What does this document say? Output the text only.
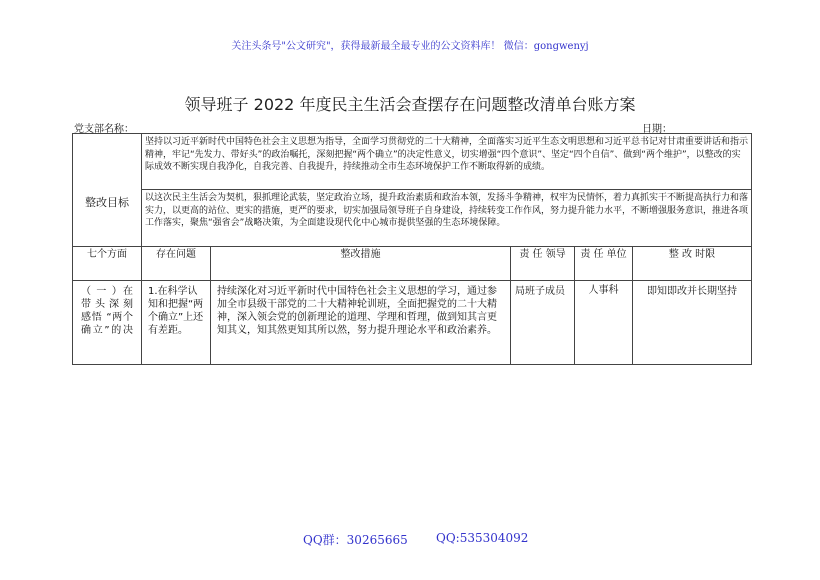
关注头条号"公文研究"，获得最新最全最专业的公文资料库！ 微信：gongwenyj
领导班子 2022 年度民主生活会查摆存在问题整改清单台账方案
党支部名称：	日期：
整改目标	坚持以习近平新时代中国特色社会主义思想为指导，全面学习贯彻党的二十大精神，全面落实习近平生态文明思想和习近平总书记对甘肃重要讲话和指示精神，牢记“先发力、带好头”的政治嘱托，深刻把握“两个确立”的决定性意义，切实增强“四个意识”、坚定“四个自信”、做到“两个维护”，以整改的实际成效不断实现自我净化，自我完善、自我提升，持续推动全市生态环境保护工作不断取得新的成绩。				
	以这次民主生活会为契机，狠抓理论武装，坚定政治立场，提升政治素质和政治本领，发扬斗争精神，权牢为民情怀，着力真抓实干不断提高执行力和落实力，以更高的站位、更实的措施，更严的要求，切实加强局领导班子自身建设，持续转变工作作风，努力提升能力水平，不断增强服务意识，推进各项工作落实，聚焦“强省会”战略决策，为全面建设现代化中心城市提供坚强的生态环境保障。				
七个方面	存在问题	整改措施	责 任 领导	责 任 单位	整 改 时限
（ 一 ）在带头深刻 感悟 “两个确立”的决	1.在科学认知和把握“两个确立”上还有差距。	持续深化对习近平新时代中国特色社会主义思想的学习，通过参加全市县级干部党的二十大精神轮训班，全面把握党的二十大精神，深入领会党的创新理论的道理、学理和哲理，做到知其言更知其义，知其然更知其所以然，努力提升理论水平和政治素养。	局班子成员	人事科	即知即改并长期坚持
QQ群：30265665 QQ:535304092
